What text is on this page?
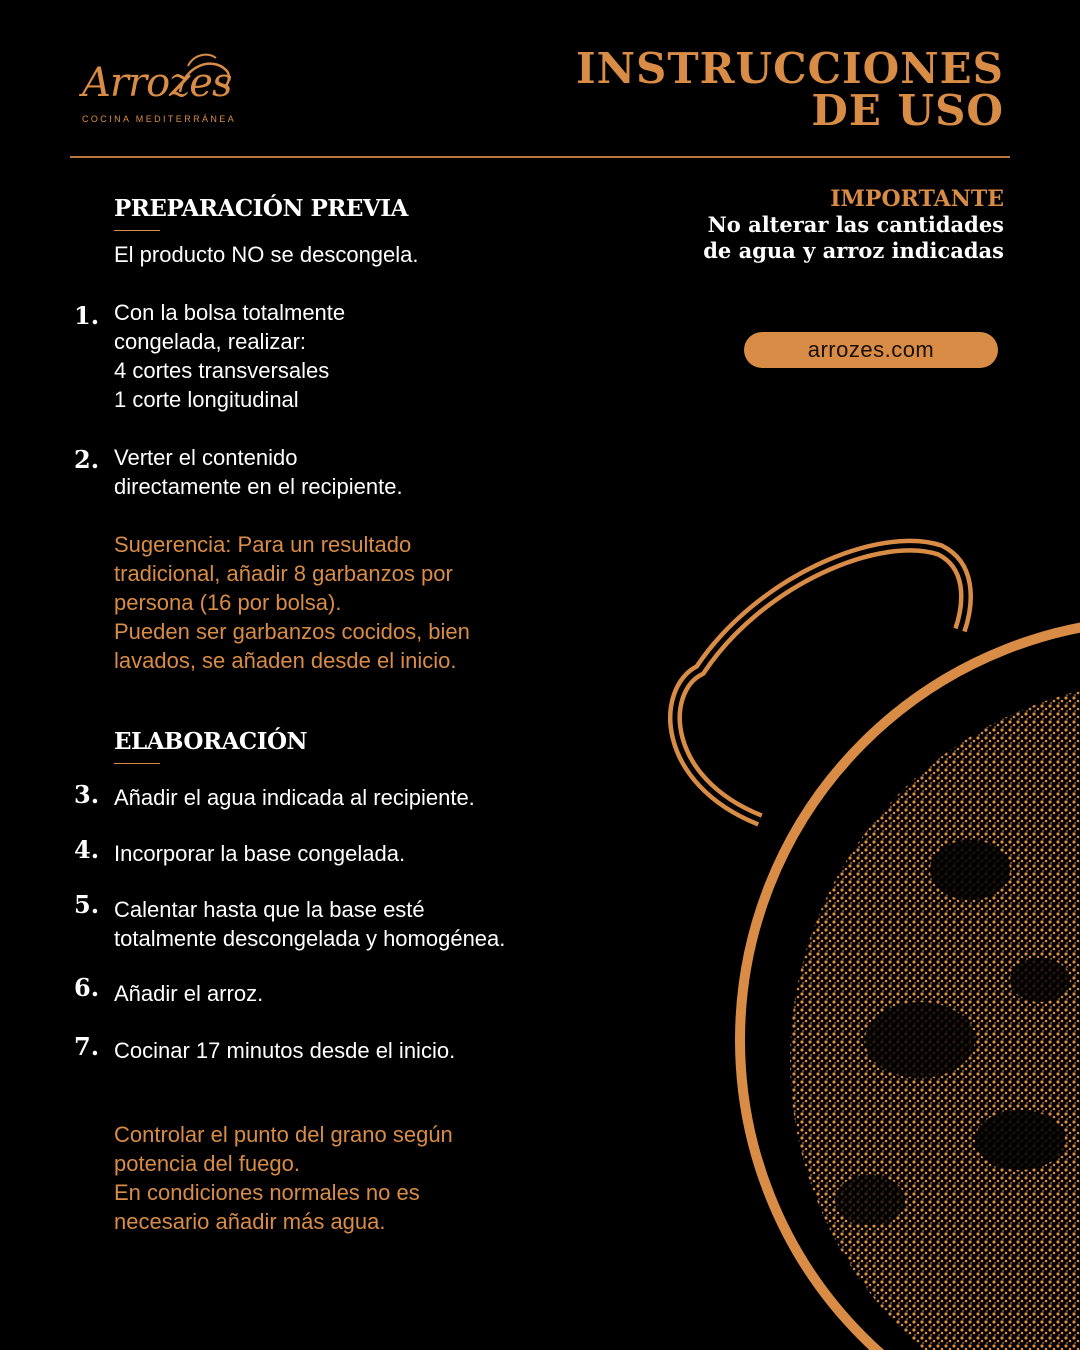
Arrozes
COCINA MEDITERRÁNEA
INSTRUCCIONES
DE USO
IMPORTANTE
No alterar las cantidades
de agua y arroz indicadas
arrozes.com
PREPARACIÓN PREVIA
El producto NO se descongela.
1. Con la bolsa totalmente
congelada, realizar:
4 cortes transversales
1 corte longitudinal
2. Verter el contenido
directamente en el recipiente.
Sugerencia: Para un resultado
tradicional, añadir 8 garbanzos por
persona (16 por bolsa).
Pueden ser garbanzos cocidos, bien
lavados, se añaden desde el inicio.
ELABORACIÓN
3. Añadir el agua indicada al recipiente.
4. Incorporar la base congelada.
5. Calentar hasta que la base esté
totalmente descongelada y homogénea.
6. Añadir el arroz.
7. Cocinar 17 minutos desde el inicio.
Controlar el punto del grano según
potencia del fuego.
En condiciones normales no es
necesario añadir más agua.
